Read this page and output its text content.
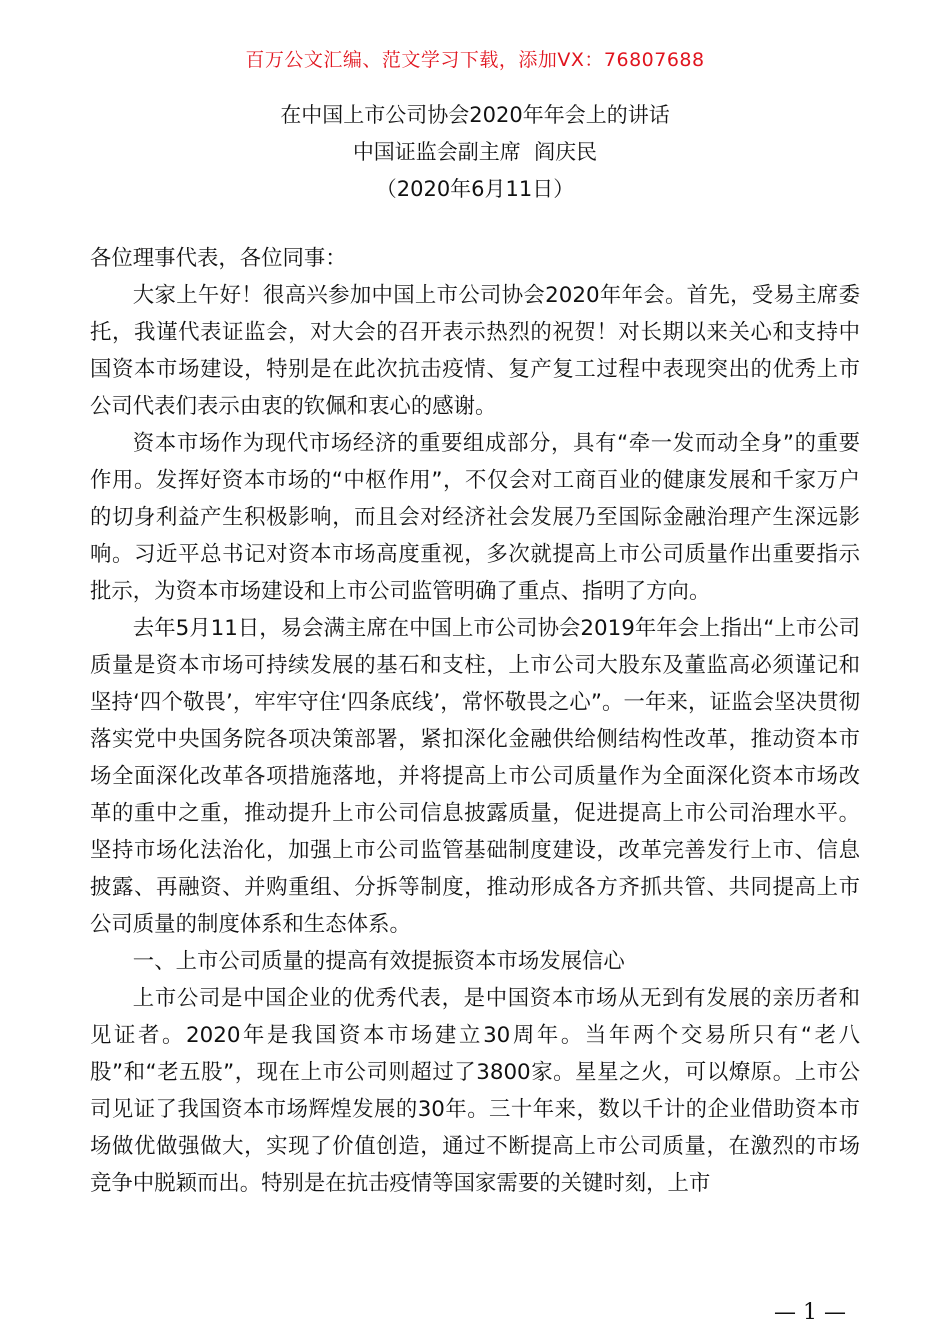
百万公文汇编、范文学习下载，添加VX：76807688
在中国上市公司协会2020年年会上的讲话
中国证监会副主席  阎庆民
（2020年6月11日）

各位理事代表，各位同事：

大家上午好！很高兴参加中国上市公司协会2020年年会。首先，受易主席委托，我谨代表证监会，对大会的召开表示热烈的祝贺！对长期以来关心和支持中国资本市场建设，特别是在此次抗击疫情、复产复工过程中表现突出的优秀上市公司代表们表示由衷的钦佩和衷心的感谢。

资本市场作为现代市场经济的重要组成部分，具有“牵一发而动全身”的重要作用。发挥好资本市场的“中枢作用”，不仅会对工商百业的健康发展和千家万户的切身利益产生积极影响，而且会对经济社会发展乃至国际金融治理产生深远影响。习近平总书记对资本市场高度重视，多次就提高上市公司质量作出重要指示批示，为资本市场建设和上市公司监管明确了重点、指明了方向。

去年5月11日，易会满主席在中国上市公司协会2019年年会上指出“上市公司质量是资本市场可持续发展的基石和支柱，上市公司大股东及董监高必须谨记和坚持‘四个敬畏’，牢牢守住‘四条底线’，常怀敬畏之心”。一年来，证监会坚决贯彻落实党中央国务院各项决策部署，紧扣深化金融供给侧结构性改革，推动资本市场全面深化改革各项措施落地，并将提高上市公司质量作为全面深化资本市场改革的重中之重，推动提升上市公司信息披露质量，促进提高上市公司治理水平。坚持市场化法治化，加强上市公司监管基础制度建设，改革完善发行上市、信息披露、再融资、并购重组、分拆等制度，推动形成各方齐抓共管、共同提高上市公司质量的制度体系和生态体系。

一、上市公司质量的提高有效提振资本市场发展信心

上市公司是中国企业的优秀代表，是中国资本市场从无到有发展的亲历者和见证者。2020年是我国资本市场建立30周年。当年两个交易所只有“老八股”和“老五股”，现在上市公司则超过了3800家。星星之火，可以燎原。上市公司见证了我国资本市场辉煌发展的30年。三十年来，数以千计的企业借助资本市场做优做强做大，实现了价值创造，通过不断提高上市公司质量，在激烈的市场竞争中脱颖而出。特别是在抗击疫情等国家需要的关键时刻，上市

— 1 —
